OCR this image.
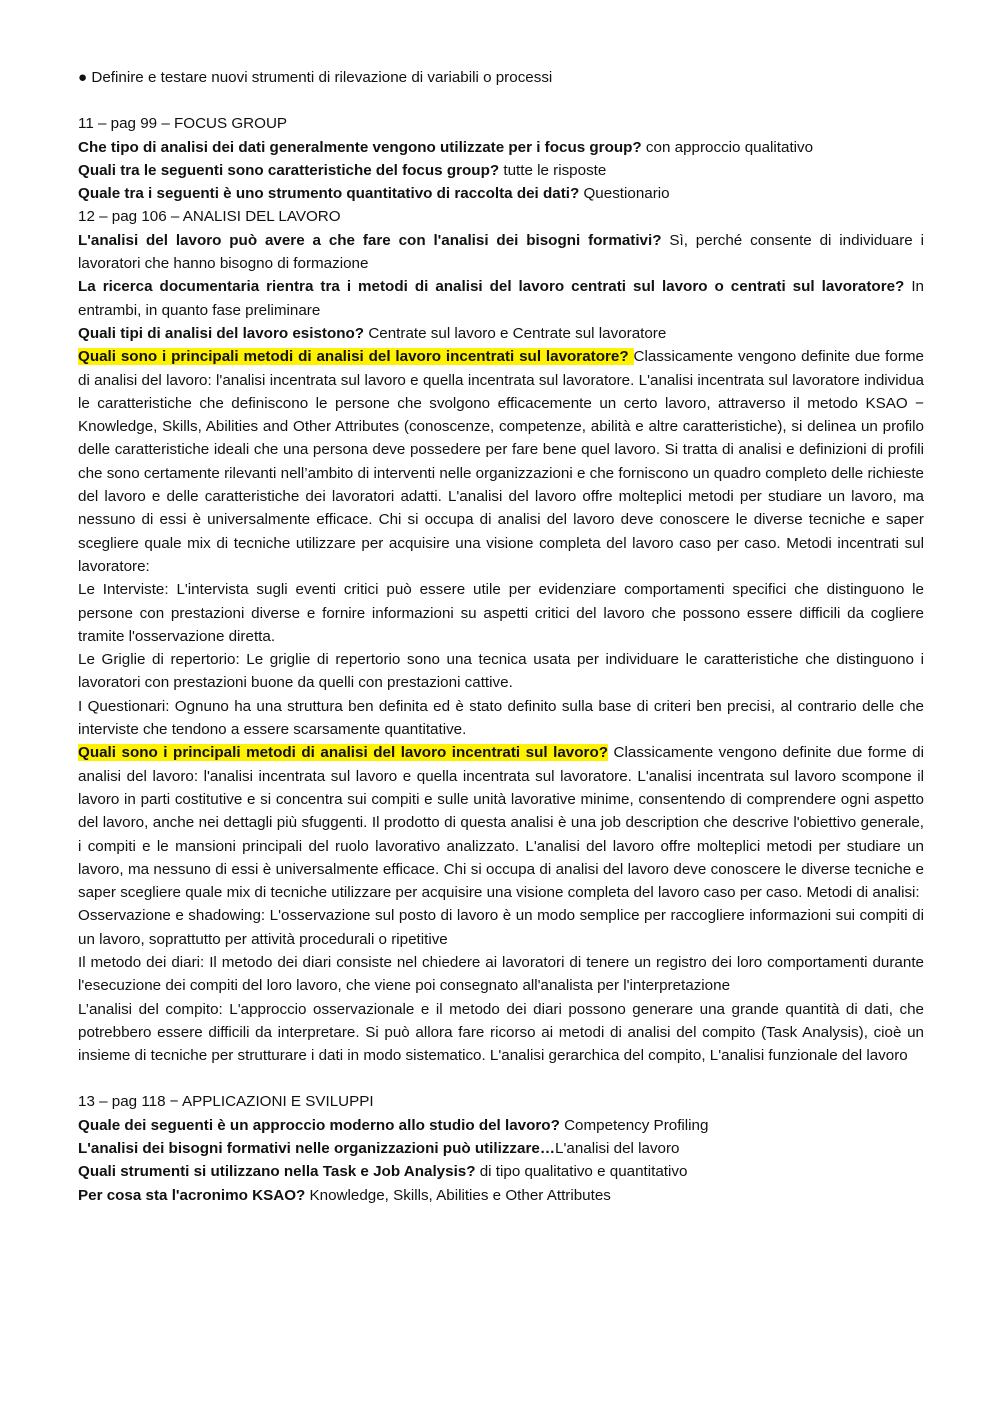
● Definire e testare nuovi strumenti di rilevazione di variabili o processi

11 – pag 99 – FOCUS GROUP

Che tipo di analisi dei dati generalmente vengono utilizzate per i focus group? con approccio qualitativo

Quali tra le seguenti sono caratteristiche del focus group? tutte le risposte

Quale tra i seguenti è uno strumento quantitativo di raccolta dei dati? Questionario

12 – pag 106 – ANALISI DEL LAVORO

L'analisi del lavoro può avere a che fare con l'analisi dei bisogni formativi? Sì, perché consente di individuare i lavoratori che hanno bisogno di formazione

La ricerca documentaria rientra tra i metodi di analisi del lavoro centrati sul lavoro o centrati sul lavoratore? In entrambi, in quanto fase preliminare

Quali tipi di analisi del lavoro esistono? Centrate sul lavoro e Centrate sul lavoratore

Quali sono i principali metodi di analisi del lavoro incentrati sul lavoratore? Classicamente vengono definite due forme di analisi del lavoro: l'analisi incentrata sul lavoro e quella incentrata sul lavoratore. L'analisi incentrata sul lavoratore individua le caratteristiche che definiscono le persone che svolgono efficacemente un certo lavoro, attraverso il metodo KSAO − Knowledge, Skills, Abilities and Other Attributes (conoscenze, competenze, abilità e altre caratteristiche), si delinea un profilo delle caratteristiche ideali che una persona deve possedere per fare bene quel lavoro. Si tratta di analisi e definizioni di profili che sono certamente rilevanti nell’ambito di interventi nelle organizzazioni e che forniscono un quadro completo delle richieste del lavoro e delle caratteristiche dei lavoratori adatti. L'analisi del lavoro offre molteplici metodi per studiare un lavoro, ma nessuno di essi è universalmente efficace. Chi si occupa di analisi del lavoro deve conoscere le diverse tecniche e saper scegliere quale mix di tecniche utilizzare per acquisire una visione completa del lavoro caso per caso. Metodi incentrati sul lavoratore:

Le Interviste: L'intervista sugli eventi critici può essere utile per evidenziare comportamenti specifici che distinguono le persone con prestazioni diverse e fornire informazioni su aspetti critici del lavoro che possono essere difficili da cogliere tramite l'osservazione diretta.

Le Griglie di repertorio: Le griglie di repertorio sono una tecnica usata per individuare le caratteristiche che distinguono i lavoratori con prestazioni buone da quelli con prestazioni cattive.

I Questionari: Ognuno ha una struttura ben definita ed è stato definito sulla base di criteri ben precisi, al contrario delle che interviste che tendono a essere scarsamente quantitative.

Quali sono i principali metodi di analisi del lavoro incentrati sul lavoro? Classicamente vengono definite due forme di analisi del lavoro: l'analisi incentrata sul lavoro e quella incentrata sul lavoratore. L'analisi incentrata sul lavoro scompone il lavoro in parti costitutive e si concentra sui compiti e sulle unità lavorative minime, consentendo di comprendere ogni aspetto del lavoro, anche nei dettagli più sfuggenti. Il prodotto di questa analisi è una job description che descrive l'obiettivo generale, i compiti e le mansioni principali del ruolo lavorativo analizzato. L'analisi del lavoro offre molteplici metodi per studiare un lavoro, ma nessuno di essi è universalmente efficace. Chi si occupa di analisi del lavoro deve conoscere le diverse tecniche e saper scegliere quale mix di tecniche utilizzare per acquisire una visione completa del lavoro caso per caso. Metodi di analisi:

Osservazione e shadowing: L'osservazione sul posto di lavoro è un modo semplice per raccogliere informazioni sui compiti di un lavoro, soprattutto per attività procedurali o ripetitive

Il metodo dei diari: Il metodo dei diari consiste nel chiedere ai lavoratori di tenere un registro dei loro comportamenti durante l'esecuzione dei compiti del loro lavoro, che viene poi consegnato all'analista per l'interpretazione

L’analisi del compito: L'approccio osservazionale e il metodo dei diari possono generare una grande quantità di dati, che potrebbero essere difficili da interpretare. Si può allora fare ricorso ai metodi di analisi del compito (Task Analysis), cioè un insieme di tecniche per strutturare i dati in modo sistematico. L'analisi gerarchica del compito, L'analisi funzionale del lavoro

13 – pag 118 − APPLICAZIONI E SVILUPPI

Quale dei seguenti è un approccio moderno allo studio del lavoro? Competency Profiling

L'analisi dei bisogni formativi nelle organizzazioni può utilizzare…L'analisi del lavoro

Quali strumenti si utilizzano nella Task e Job Analysis? di tipo qualitativo e quantitativo

Per cosa sta l'acronimo KSAO? Knowledge, Skills, Abilities e Other Attributes
